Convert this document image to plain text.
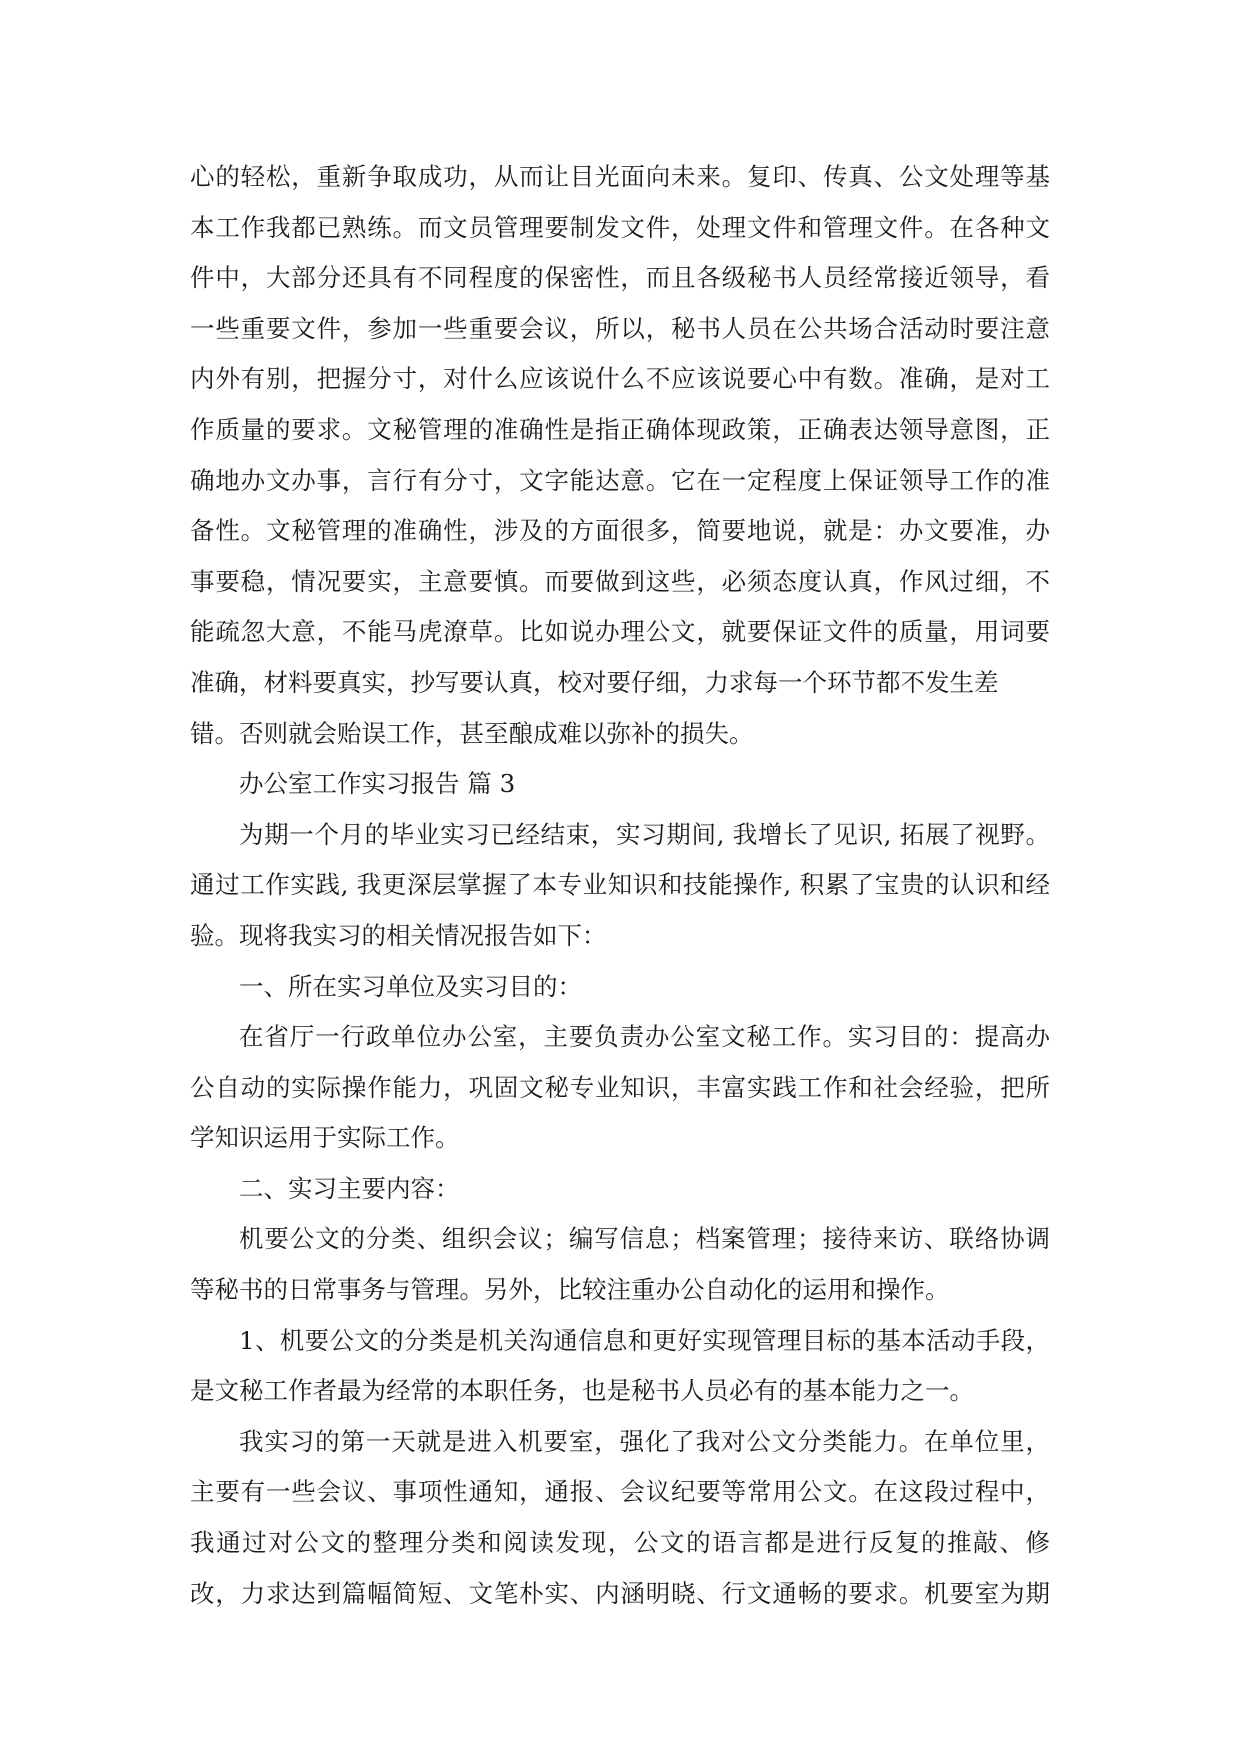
心的轻松，重新争取成功，从而让目光面向未来。复印、传真、公文处理等基
本工作我都已熟练。而文员管理要制发文件，处理文件和管理文件。在各种文
件中，大部分还具有不同程度的保密性，而且各级秘书人员经常接近领导，看
一些重要文件，参加一些重要会议，所以，秘书人员在公共场合活动时要注意
内外有别，把握分寸，对什么应该说什么不应该说要心中有数。准确，是对工
作质量的要求。文秘管理的准确性是指正确体现政策，正确表达领导意图，正
确地办文办事，言行有分寸，文字能达意。它在一定程度上保证领导工作的准
备性。文秘管理的准确性，涉及的方面很多，简要地说，就是：办文要准，办
事要稳，情况要实，主意要慎。而要做到这些，必须态度认真，作风过细，不
能疏忽大意，不能马虎潦草。比如说办理公文，就要保证文件的质量，用词要
准确，材料要真实，抄写要认真，校对要仔细，力求每一个环节都不发生差
错。否则就会贻误工作，甚至酿成难以弥补的损失。
办公室工作实习报告 篇 3
为期一个月的毕业实习已经结束，实习期间, 我增长了见识, 拓展了视野。
通过工作实践, 我更深层掌握了本专业知识和技能操作, 积累了宝贵的认识和经
验。现将我实习的相关情况报告如下：
一、所在实习单位及实习目的：
在省厅一行政单位办公室，主要负责办公室文秘工作。实习目的：提高办
公自动的实际操作能力，巩固文秘专业知识，丰富实践工作和社会经验，把所
学知识运用于实际工作。
二、实习主要内容：
机要公文的分类、组织会议；编写信息；档案管理；接待来访、联络协调
等秘书的日常事务与管理。另外，比较注重办公自动化的运用和操作。
1、机要公文的分类是机关沟通信息和更好实现管理目标的基本活动手段，
是文秘工作者最为经常的本职任务，也是秘书人员必有的基本能力之一。
我实习的第一天就是进入机要室，强化了我对公文分类能力。在单位里，
主要有一些会议、事项性通知，通报、会议纪要等常用公文。在这段过程中，
我通过对公文的整理分类和阅读发现，公文的语言都是进行反复的推敲、修
改，力求达到篇幅简短、文笔朴实、内涵明晓、行文通畅的要求。机要室为期
